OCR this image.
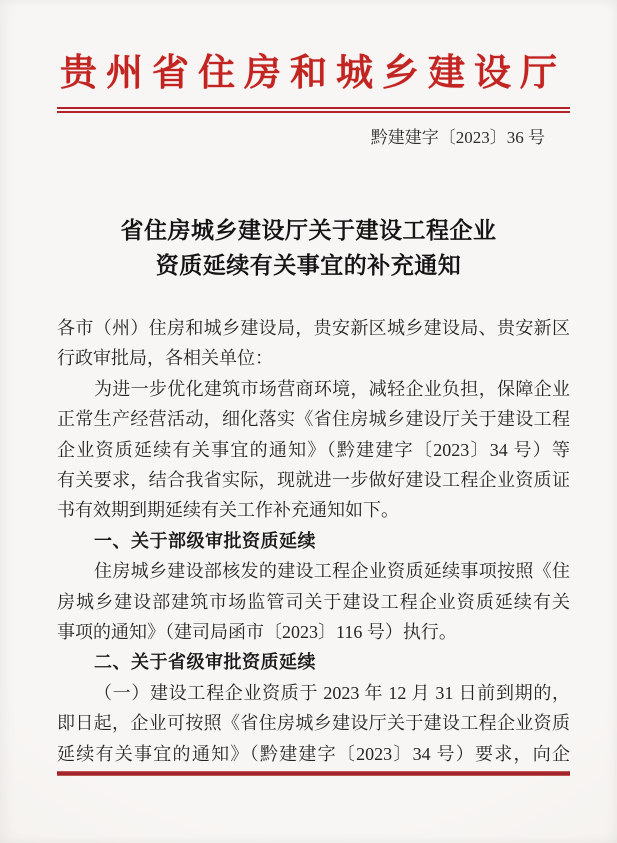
贵州省住房和城乡建设厅
黔建建字〔2023〕36 号
省住房城乡建设厅关于建设工程企业
资质延续有关事宜的补充通知
各市（州）住房和城乡建设局，贵安新区城乡建设局、贵安新区
行政审批局，各相关单位：
为进一步优化建筑市场营商环境，减轻企业负担，保障企业
正常生产经营活动，细化落实《省住房城乡建设厅关于建设工程
企业资质延续有关事宜的通知》（黔建建字〔2023〕34 号）等
有关要求，结合我省实际，现就进一步做好建设工程企业资质证
书有效期到期延续有关工作补充通知如下。
一、关于部级审批资质延续
住房城乡建设部核发的建设工程企业资质延续事项按照《住
房城乡建设部建筑市场监管司关于建设工程企业资质延续有关
事项的通知》（建司局函市〔2023〕116 号）执行。
二、关于省级审批资质延续
（一）建设工程企业资质于 2023 年 12 月 31 日前到期的，
即日起，企业可按照《省住房城乡建设厅关于建设工程企业资质
延续有关事宜的通知》（黔建建字〔2023〕34 号）要求，向企
